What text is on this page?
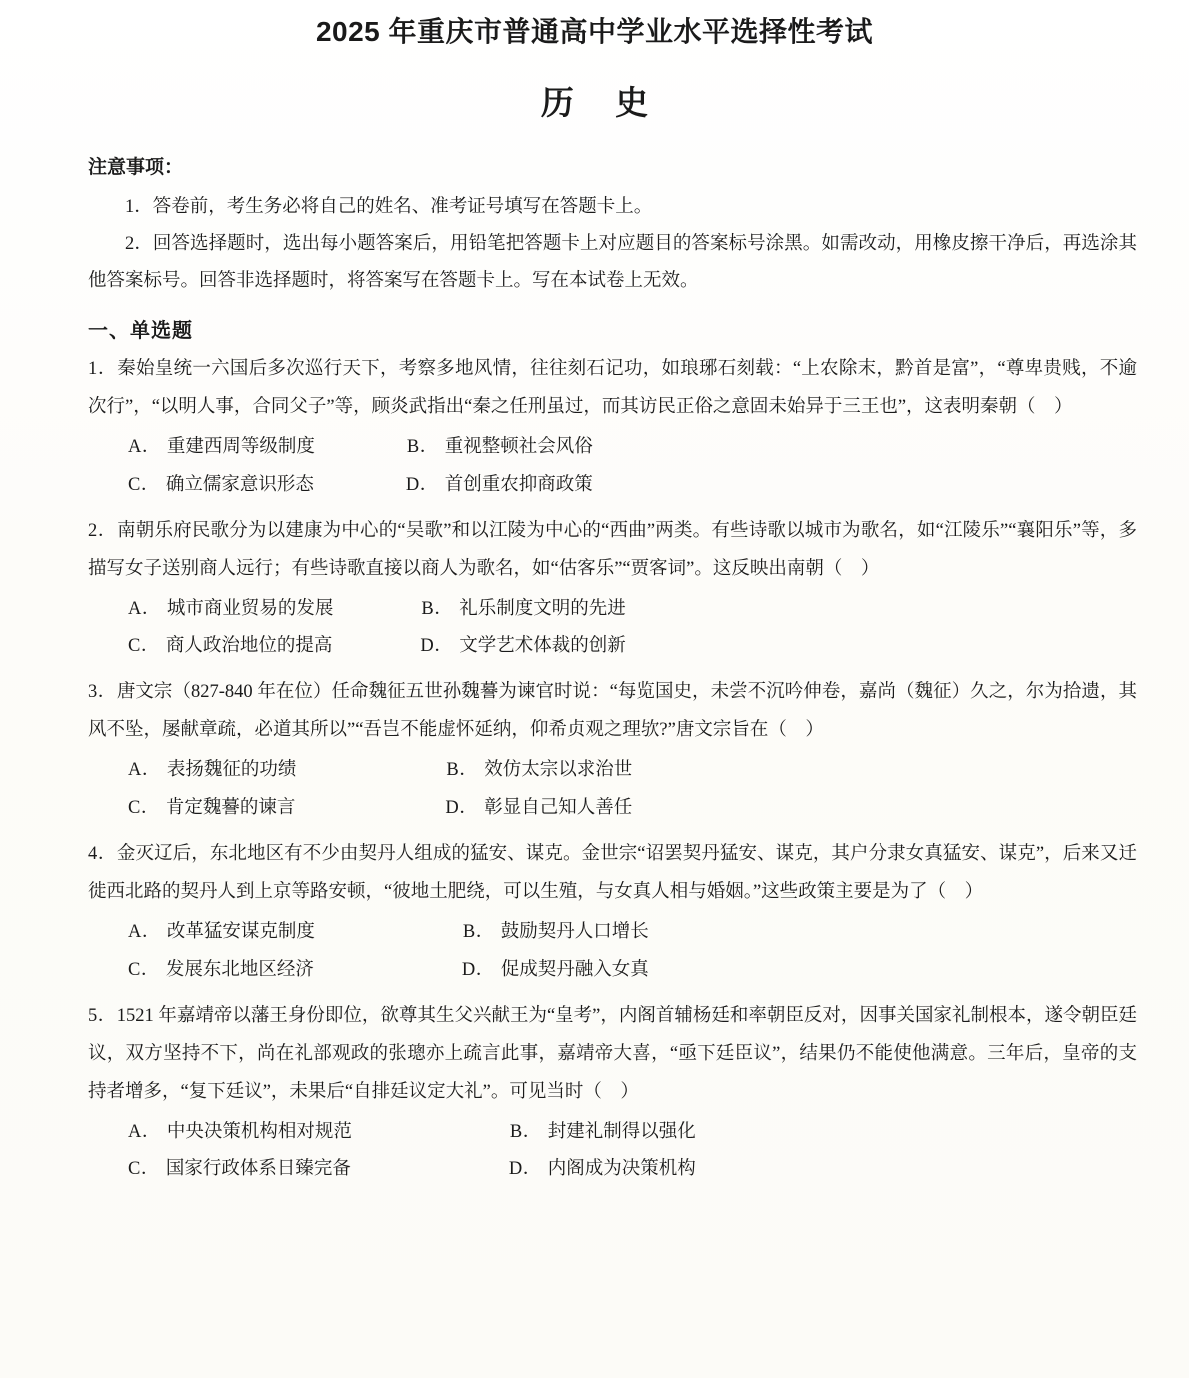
2025 年重庆市普通高中学业水平选择性考试
历 史
注意事项：
1．答卷前，考生务必将自己的姓名、准考证号填写在答题卡上。
2．回答选择题时，选出每小题答案后，用铅笔把答题卡上对应题目的答案标号涂黑。如需改动，用橡皮擦干净后，再选涂其他答案标号。回答非选择题时，将答案写在答题卡上。写在本试卷上无效。
一、单选题
1．秦始皇统一六国后多次巡行天下，考察多地风情，往往刻石记功，如琅琊石刻载：“上农除末，黔首是富”，“尊卑贵贱，不逾次行”，“以明人事，合同父子”等，顾炎武指出“秦之任刑虽过，而其访民正俗之意固未始异于三王也”，这表明秦朝（　）
A． 重建西周等级制度	B． 重视整顿社会风俗
C． 确立儒家意识形态	D． 首创重农抑商政策
2．南朝乐府民歌分为以建康为中心的“吴歌”和以江陵为中心的“西曲”两类。有些诗歌以城市为歌名，如“江陵乐”“襄阳乐”等，多描写女子送别商人远行；有些诗歌直接以商人为歌名，如“估客乐”“贾客词”。这反映出南朝（　）
A． 城市商业贸易的发展	B． 礼乐制度文明的先进
C． 商人政治地位的提高	D． 文学艺术体裁的创新
3．唐文宗（827-840 年在位）任命魏征五世孙魏謩为谏官时说：“每览国史，未尝不沉吟伸卷，嘉尚（魏征）久之，尔为拾遗，其风不坠，屡献章疏，必道其所以”“吾岂不能虚怀延纳，仰希贞观之理欤?”唐文宗旨在（　）
A． 表扬魏征的功绩	B． 效仿太宗以求治世
C． 肯定魏謩的谏言	D． 彰显自己知人善任
4．金灭辽后，东北地区有不少由契丹人组成的猛安、谋克。金世宗“诏罢契丹猛安、谋克，其户分隶女真猛安、谋克”，后来又迁徙西北路的契丹人到上京等路安顿，“彼地土肥绕，可以生殖，与女真人相与婚姻。”这些政策主要是为了（　）
A． 改革猛安谋克制度	B． 鼓励契丹人口增长
C． 发展东北地区经济	D． 促成契丹融入女真
5．1521 年嘉靖帝以藩王身份即位，欲尊其生父兴献王为“皇考”，内阁首辅杨廷和率朝臣反对，因事关国家礼制根本，遂令朝臣廷议，双方坚持不下，尚在礼部观政的张璁亦上疏言此事，嘉靖帝大喜，“亟下廷臣议”，结果仍不能使他满意。三年后，皇帝的支持者增多，“复下廷议”，未果后“自排廷议定大礼”。可见当时（　）
A． 中央决策机构相对规范	B． 封建礼制得以强化
C． 国家行政体系日臻完备	D． 内阁成为决策机构
